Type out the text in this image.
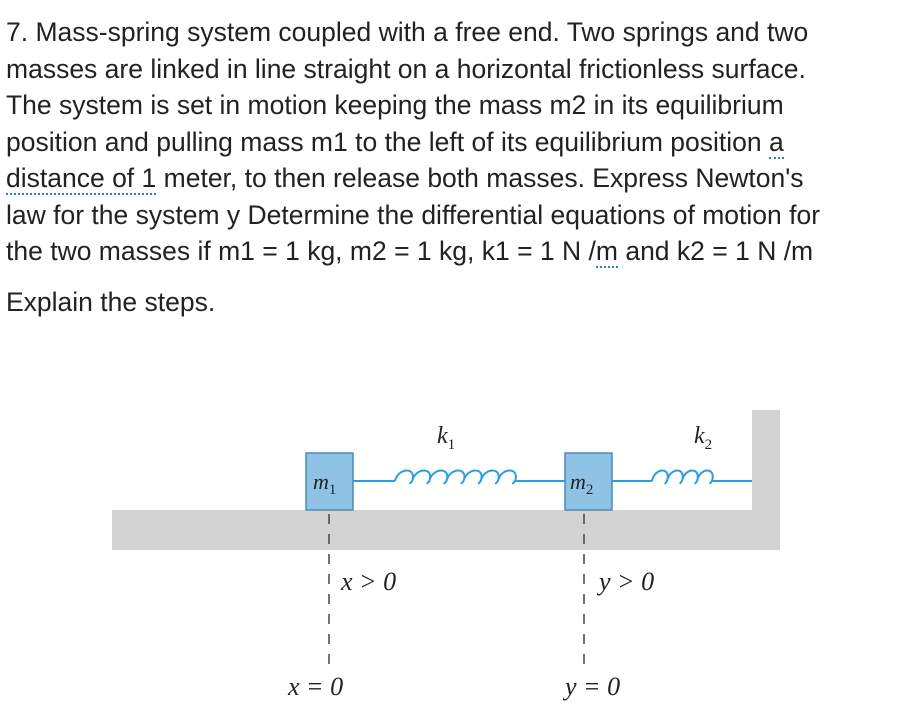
7. Mass-spring system coupled with a free end. Two springs and two
masses are linked in line straight on a horizontal frictionless surface.
The system is set in motion keeping the mass m2 in its equilibrium
position and pulling mass m1 to the left of its equilibrium position a
distance of 1 meter, to then release both masses. Express Newton's
law for the system y Determine the differential equations of motion for
the two masses if m1 = 1 kg, m2 = 1 kg, k1 = 1 N /m and k2 = 1 N /m
Explain the steps.
$m_1$	$m_2$
$k_1$	$k_2$
x > 0
x = 0
y > 0
y = 0
